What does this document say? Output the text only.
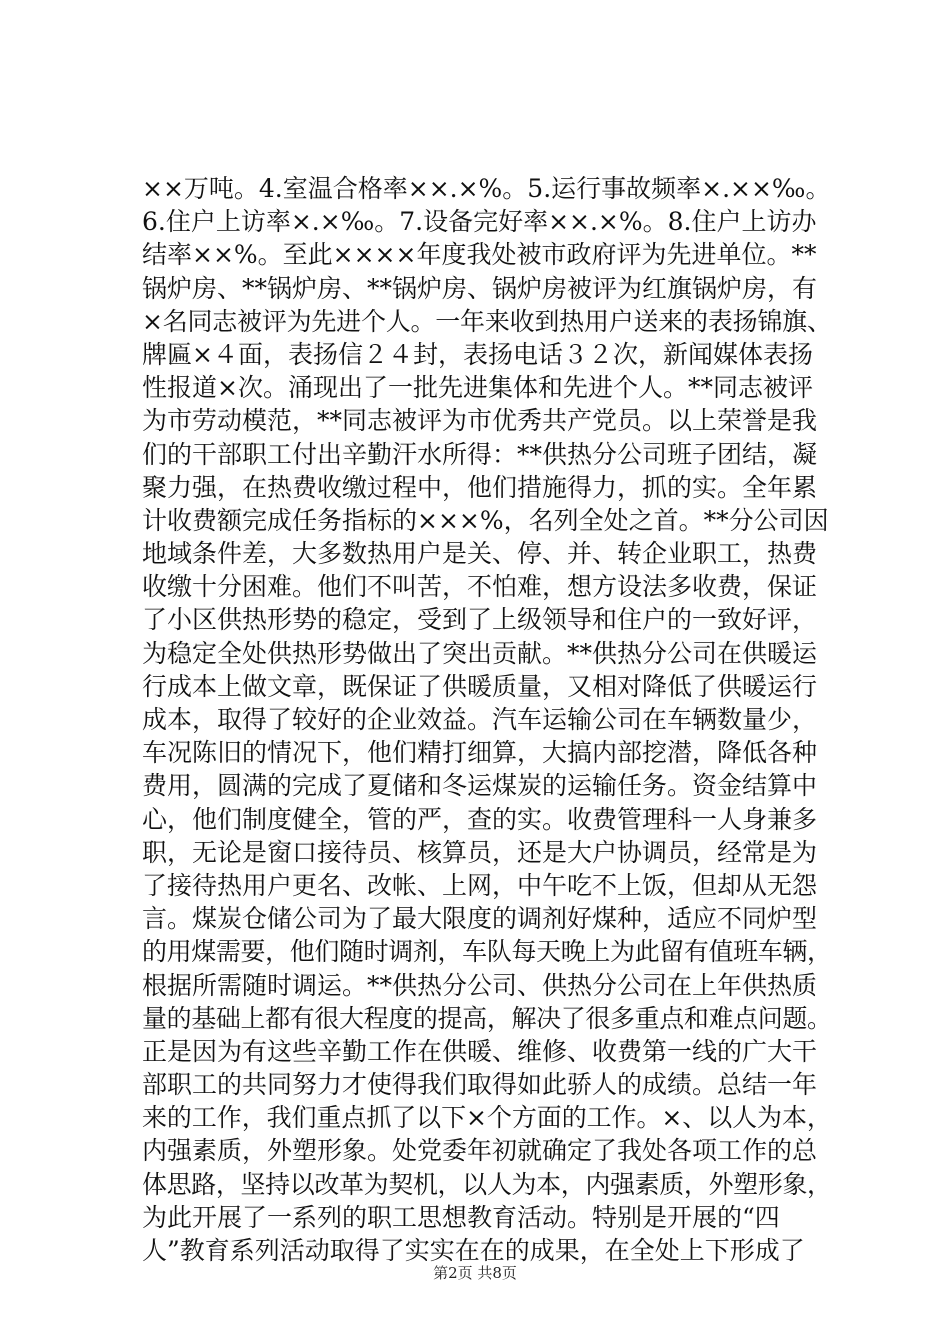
××万吨。4.室温合格率××.×%。5.运行事故频率×.××‰。
6.住户上访率×.×‰。7.设备完好率××.×%。8.住户上访办
结率××%。至此××××年度我处被市政府评为先进单位。**
锅炉房、**锅炉房、**锅炉房、锅炉房被评为红旗锅炉房，有
×名同志被评为先进个人。一年来收到热用户送来的表扬锦旗、
牌匾×４面，表扬信２４封，表扬电话３２次，新闻媒体表扬
性报道×次。涌现出了一批先进集体和先进个人。**同志被评
为市劳动模范，**同志被评为市优秀共产党员。以上荣誉是我
们的干部职工付出辛勤汗水所得：**供热分公司班子团结，凝
聚力强，在热费收缴过程中，他们措施得力，抓的实。全年累
计收费额完成任务指标的×××%，名列全处之首。**分公司因
地域条件差，大多数热用户是关、停、并、转企业职工，热费
收缴十分困难。他们不叫苦，不怕难，想方设法多收费，保证
了小区供热形势的稳定，受到了上级领导和住户的一致好评，
为稳定全处供热形势做出了突出贡献。**供热分公司在供暖运
行成本上做文章，既保证了供暖质量，又相对降低了供暖运行
成本，取得了较好的企业效益。汽车运输公司在车辆数量少，
车况陈旧的情况下，他们精打细算，大搞内部挖潜，降低各种
费用，圆满的完成了夏储和冬运煤炭的运输任务。资金结算中
心，他们制度健全，管的严，查的实。收费管理科一人身兼多
职，无论是窗口接待员、核算员，还是大户协调员，经常是为
了接待热用户更名、改帐、上网，中午吃不上饭，但却从无怨
言。煤炭仓储公司为了最大限度的调剂好煤种，适应不同炉型
的用煤需要，他们随时调剂，车队每天晚上为此留有值班车辆，
根据所需随时调运。**供热分公司、供热分公司在上年供热质
量的基础上都有很大程度的提高，解决了很多重点和难点问题。
正是因为有这些辛勤工作在供暖、维修、收费第一线的广大干
部职工的共同努力才使得我们取得如此骄人的成绩。总结一年
来的工作，我们重点抓了以下×个方面的工作。×、以人为本，
内强素质，外塑形象。处党委年初就确定了我处各项工作的总
体思路，坚持以改革为契机，以人为本，内强素质，外塑形象，
为此开展了一系列的职工思想教育活动。特别是开展的“四
人”教育系列活动取得了实实在在的成果，在全处上下形成了
第2页 共8页
